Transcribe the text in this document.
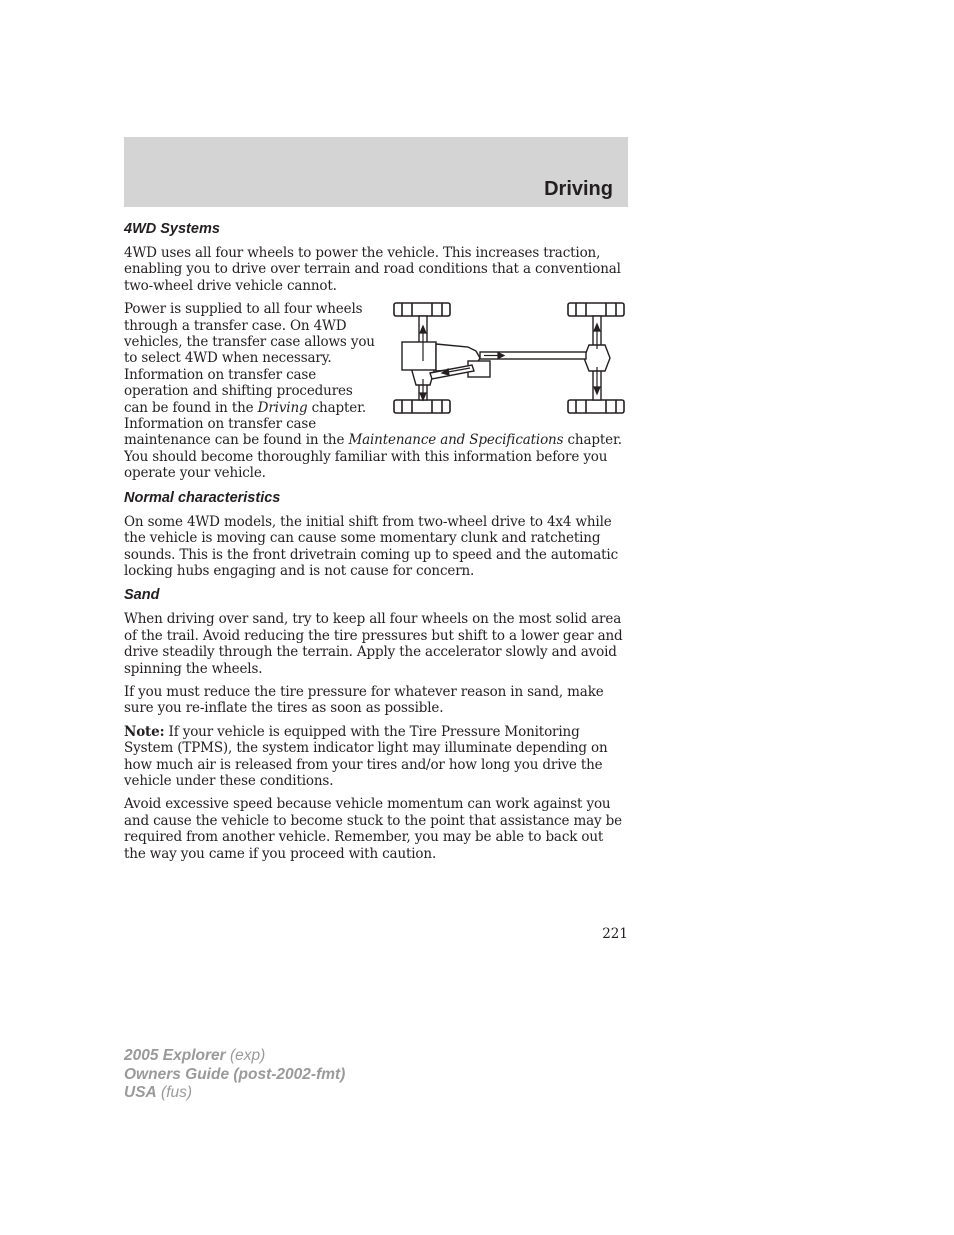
Driving
4WD Systems

4WD uses all four wheels to power the vehicle. This increases traction, enabling you to drive over terrain and road conditions that a conventional two-wheel drive vehicle cannot.

Power is supplied to all four wheels through a transfer case. On 4WD vehicles, the transfer case allows you to select 4WD when necessary. Information on transfer case operation and shifting procedures can be found in the Driving chapter. Information on transfer case maintenance can be found in the Maintenance and Specifications chapter. You should become thoroughly familiar with this information before you operate your vehicle.

Normal characteristics

On some 4WD models, the initial shift from two-wheel drive to 4x4 while the vehicle is moving can cause some momentary clunk and ratcheting sounds. This is the front drivetrain coming up to speed and the automatic locking hubs engaging and is not cause for concern.

Sand

When driving over sand, try to keep all four wheels on the most solid area of the trail. Avoid reducing the tire pressures but shift to a lower gear and drive steadily through the terrain. Apply the accelerator slowly and avoid spinning the wheels.

If you must reduce the tire pressure for whatever reason in sand, make sure you re-inflate the tires as soon as possible.

Note: If your vehicle is equipped with the Tire Pressure Monitoring System (TPMS), the system indicator light may illuminate depending on how much air is released from your tires and/or how long you drive the vehicle under these conditions.

Avoid excessive speed because vehicle momentum can work against you and cause the vehicle to become stuck to the point that assistance may be required from another vehicle. Remember, you may be able to back out the way you came if you proceed with caution.

221
2005 Explorer (exp)
Owners Guide (post-2002-fmt)
USA (fus)
